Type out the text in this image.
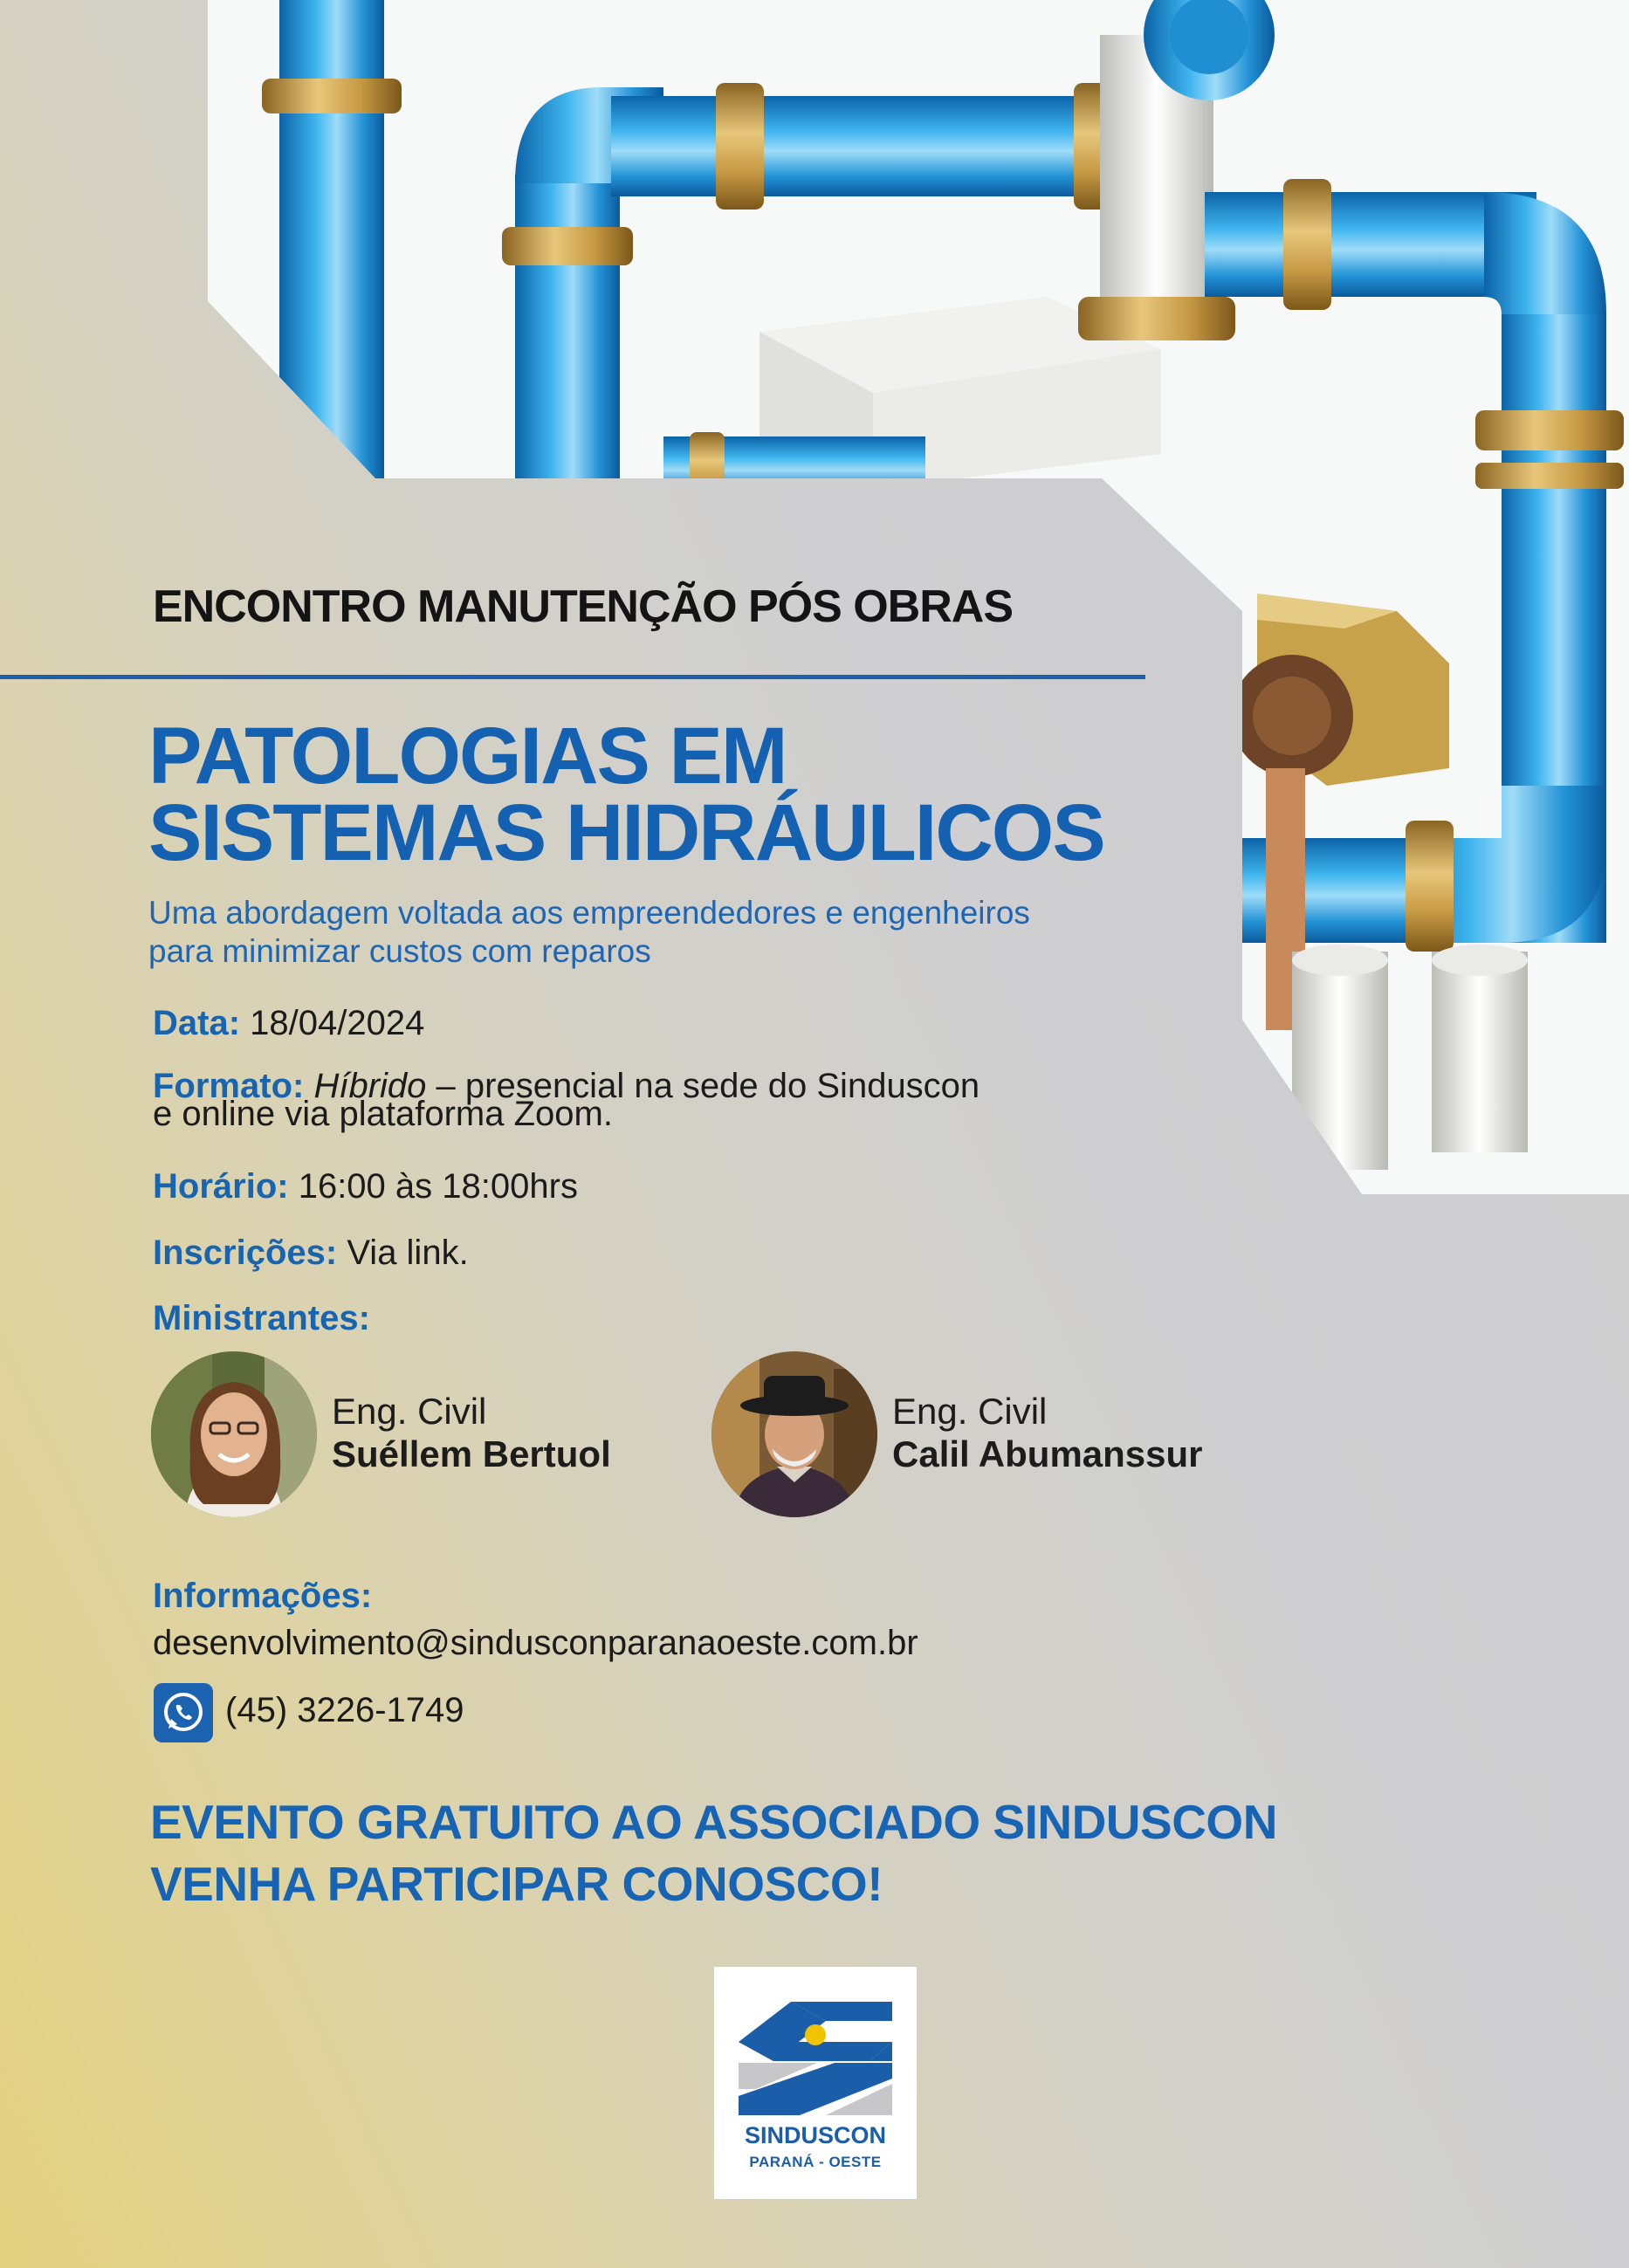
ENCONTRO MANUTENÇÃO PÓS OBRAS
PATOLOGIAS EM
SISTEMAS HIDRÁULICOS
Uma abordagem voltada aos empreendedores e engenheiros
para minimizar custos com reparos
Data: 18/04/2024
Formato: Híbrido – presencial na sede do Sinduscon
e online via plataforma Zoom.
Horário: 16:00 às 18:00hrs
Inscrições: Via link.
Ministrantes:
Eng. Civil
Suéllem Bertuol
Eng. Civil
Calil Abumanssur
Informações:
desenvolvimento@sindusconparanaoeste.com.br
(45) 3226-1749
EVENTO GRATUITO AO ASSOCIADO SINDUSCON
VENHA PARTICIPAR CONOSCO!
SINDUSCON
PARANÁ - OESTE
